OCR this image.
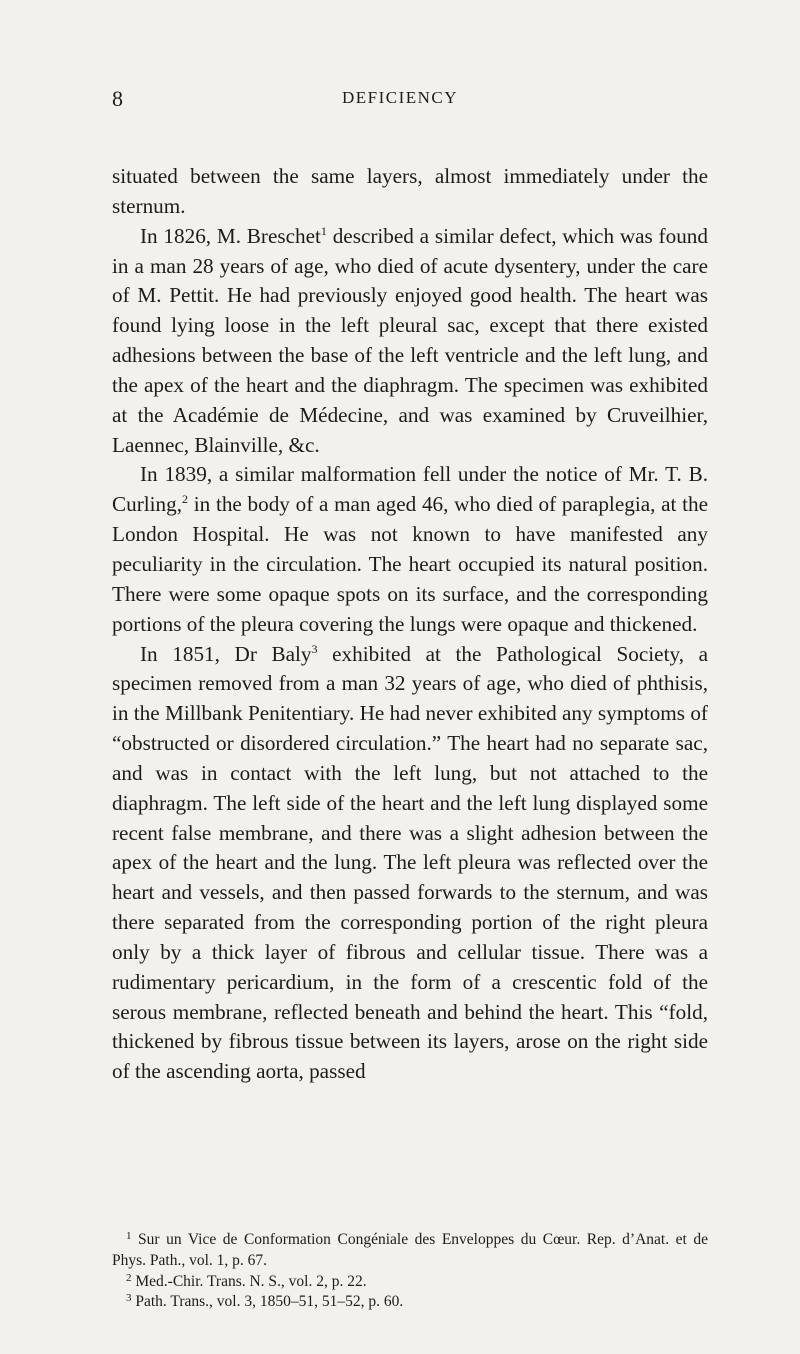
8	DEFICIENCY

situated between the same layers, almost immediately under the sternum.

In 1826, M. Breschet$^1$ described a similar defect, which was found in a man 28 years of age, who died of acute dysentery, under the care of M. Pettit. He had previously enjoyed good health. The heart was found lying loose in the left pleural sac, except that there existed adhesions between the base of the left ventricle and the left lung, and the apex of the heart and the diaphragm. The specimen was exhibited at the Académie de Médecine, and was examined by Cruveilhier, Laennec, Blainville, &c.

In 1839, a similar malformation fell under the notice of Mr. T. B. Curling,$^2$ in the body of a man aged 46, who died of paraplegia, at the London Hospital. He was not known to have manifested any peculiarity in the circulation. The heart occupied its natural position. There were some opaque spots on its surface, and the corresponding portions of the pleura covering the lungs were opaque and thickened.

In 1851, Dr Baly$^3$ exhibited at the Pathological Society, a specimen removed from a man 32 years of age, who died of phthisis, in the Millbank Penitentiary. He had never exhibited any symptoms of “obstructed or disordered circulation.” The heart had no separate sac, and was in contact with the left lung, but not attached to the diaphragm. The left side of the heart and the left lung displayed some recent false membrane, and there was a slight adhesion between the apex of the heart and the lung. The left pleura was reflected over the heart and vessels, and then passed forwards to the sternum, and was there separated from the corresponding portion of the right pleura only by a thick layer of fibrous and cellular tissue. There was a rudimentary pericardium, in the form of a crescentic fold of the serous membrane, reflected beneath and behind the heart. This “fold, thickened by fibrous tissue between its layers, arose on the right side of the ascending aorta, passed

$^1$ Sur un Vice de Conformation Congéniale des Enveloppes du Cœur. Rep. d’Anat. et de Phys. Path., vol. 1, p. 67.

$^2$ Med.-Chir. Trans. N. S., vol. 2, p. 22.

$^3$ Path. Trans., vol. 3, 1850–51, 51–52, p. 60.
